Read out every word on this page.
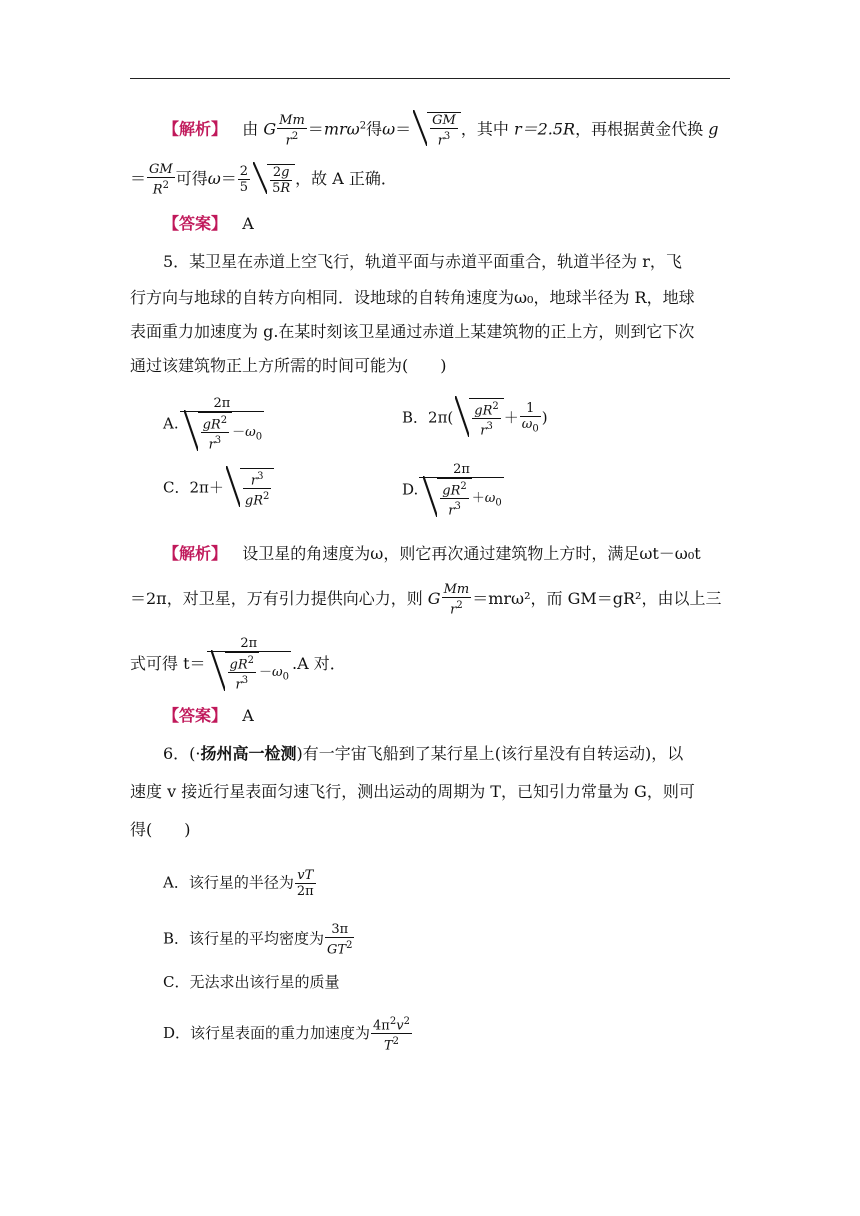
【解析】 由 G $\frac{Mm}{r^2} =mr\omega^2$得$\omega= \frac{GM}{r^3}$ ，其中 r＝2.5R，再根据黄金代换 g
＝ $\frac{GM}{R^2}$ 可得$\omega= \frac{2}{5} \frac{2g}{5R}$ ，故 A 正确．
【答案】 A
5．某卫星在赤道上空飞行，轨道平面与赤道平面重合，轨道半径为 r，飞
行方向与地球的自转方向相同．设地球的自转角速度为ω₀，地球半径为 R，地球
表面重力加速度为 g.在某时刻该卫星通过赤道上某建筑物的正上方，则到它下次
通过该建筑物正上方所需的时间可能为(　　)
A. $\frac{2\pi}{\frac{gR^2}{r^3} -\omega_0}$	B．$2\pi( \frac{gR^2}{r^3} + \frac{1}{\omega_0}$ )
C．$2\pi+ \frac{r^3}{gR^2}$	D. $\frac{2\pi}{\frac{gR^2}{r^3} +\omega_0}$
【解析】 设卫星的角速度为ω，则它再次通过建筑物上方时，满足ωt－ω₀t
＝2π，对卫星，万有引力提供向心力，则 G $\frac{Mm}{r^2} =mr\omega^2$，而 GM＝gR²，由以上三
式可得 $t= \frac{2\pi}{\frac{gR^2}{r^3} -\omega_0} .A$ 对．
【答案】 A
6．(·扬州高一检测)有一宇宙飞船到了某行星上(该行星没有自转运动)，以
速度 v 接近行星表面匀速飞行，测出运动的周期为 T，已知引力常量为 G，则可
得(　　)
A．该行星的半径为 $\frac{vT}{2\pi}$
B．该行星的平均密度为 $\frac{3\pi}{GT^2}$
C．无法求出该行星的质量
D．该行星表面的重力加速度为 $\frac{4\pi^2v^2}{T^2}$
